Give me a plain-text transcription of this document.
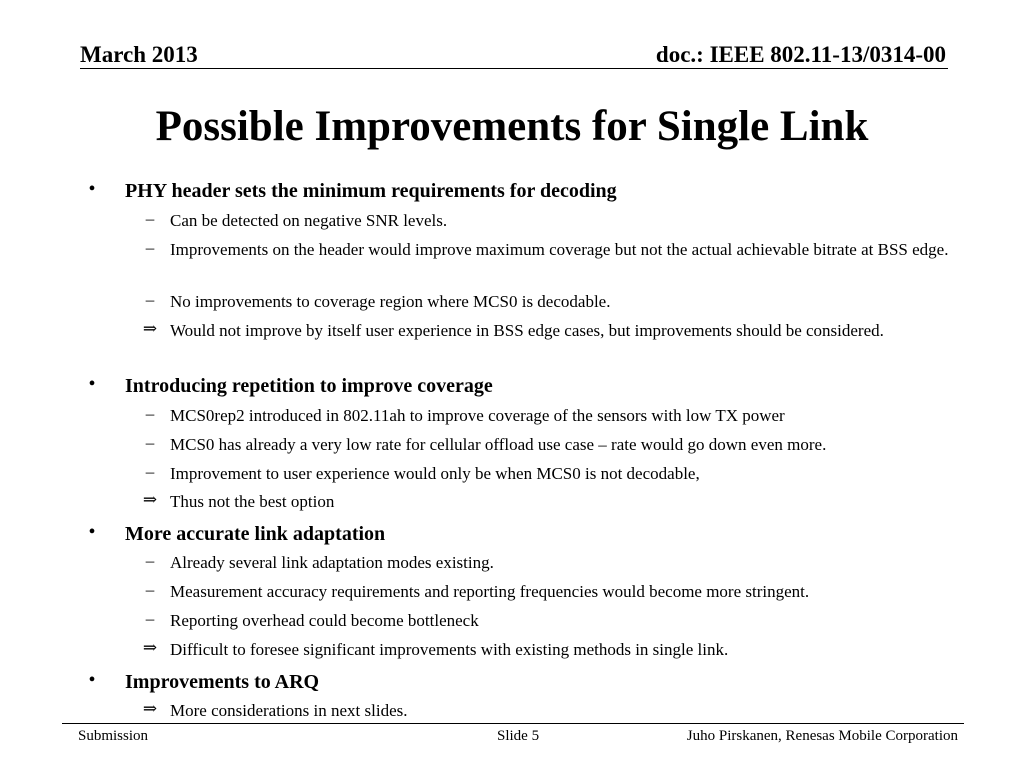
March 2013	doc.: IEEE 802.11-13/0314-00
Possible Improvements for Single Link
•	PHY header sets the minimum requirements for decoding
– Can be detected on negative SNR levels.
– Improvements on the header would improve maximum coverage but not the actual achievable bitrate at BSS edge.
– No improvements to coverage region where MCS0 is decodable.
⇒ Would not improve by itself user experience in BSS edge cases, but improvements should be considered.
•	Introducing repetition to improve coverage
– MCS0rep2 introduced in 802.11ah to improve coverage of the sensors with low TX power
– MCS0 has already a very low rate for cellular offload use case – rate would go down even more.
– Improvement to user experience would only be when MCS0 is not decodable,
⇒ Thus not the best option
•	More accurate link adaptation
– Already several link adaptation modes existing.
– Measurement accuracy requirements and reporting frequencies would become more stringent.
– Reporting overhead could become bottleneck
⇒ Difficult to foresee significant improvements with existing methods in single link.
•	Improvements to ARQ
⇒ More considerations in next slides.
Submission	Slide 5	Juho Pirskanen, Renesas Mobile Corporation
